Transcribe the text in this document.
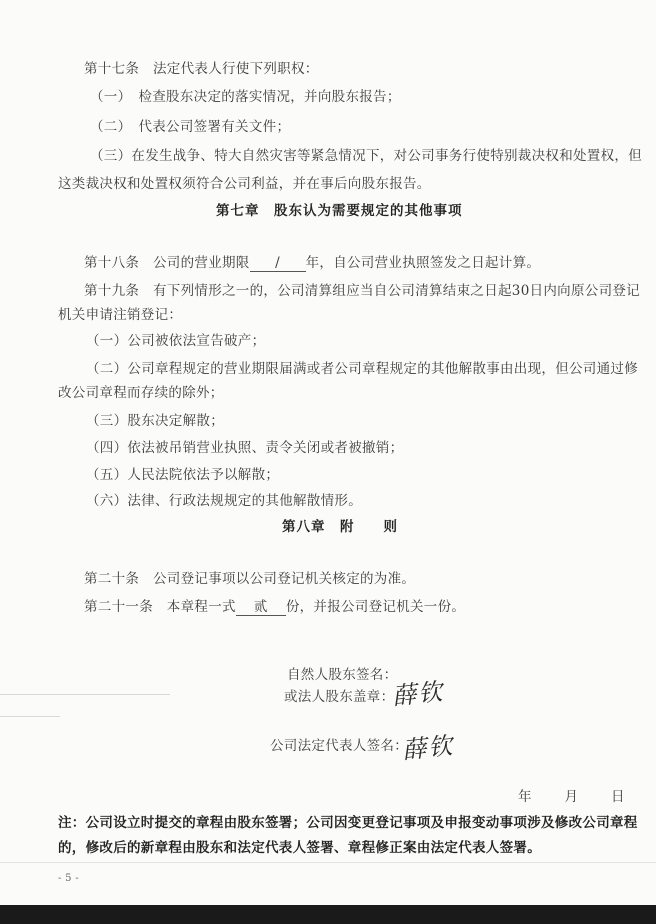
第十七条　法定代表人行使下列职权：
（一）　检查股东决定的落实情况，并向股东报告；
（二）　代表公司签署有关文件；
（三）在发生战争、特大自然灾害等紧急情况下，对公司事务行使特别裁决权和处置权，但
这类裁决权和处置权须符合公司利益，并在事后向股东报告。
第七章　股东认为需要规定的其他事项
第十八条　公司的营业期限 / 年，自公司营业执照签发之日起计算。
第十九条　有下列情形之一的，公司清算组应当自公司清算结束之日起30日内向原公司登记
机关申请注销登记：
（一）公司被依法宣告破产；
（二）公司章程规定的营业期限届满或者公司章程规定的其他解散事由出现，但公司通过修
改公司章程而存续的除外；
（三）股东决定解散；
（四）依法被吊销营业执照、责令关闭或者被撤销；
（五）人民法院依法予以解散；
（六）法律、行政法规规定的其他解散情形。
第八章　附　　则
第二十条　公司登记事项以公司登记机关核定的为准。
第二十一条　本章程一式 贰 份，并报公司登记机关一份。
自然人股东签名：
或法人股东盖章：
薛钦
公司法定代表人签名：
薛钦
年　　月　　日
注：公司设立时提交的章程由股东签署；公司因变更登记事项及申报变动事项涉及修改公司章程
的，修改后的新章程由股东和法定代表人签署、章程修正案由法定代表人签署。
- 5 -
